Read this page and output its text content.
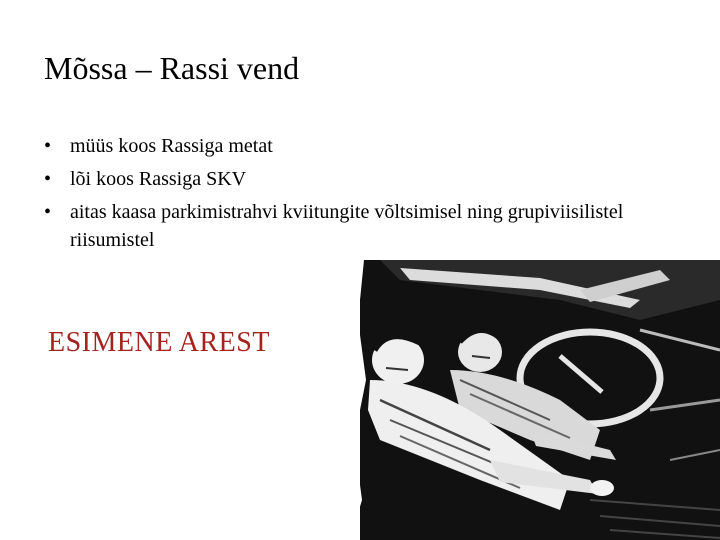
Mõssa – Rassi vend
• müüs koos Rassiga metat
• lõi koos Rassiga SKV
• aitas kaasa parkimistrahvi kviitungite võltsimisel ning grupiviisilistel riisumistel
ESIMENE AREST
